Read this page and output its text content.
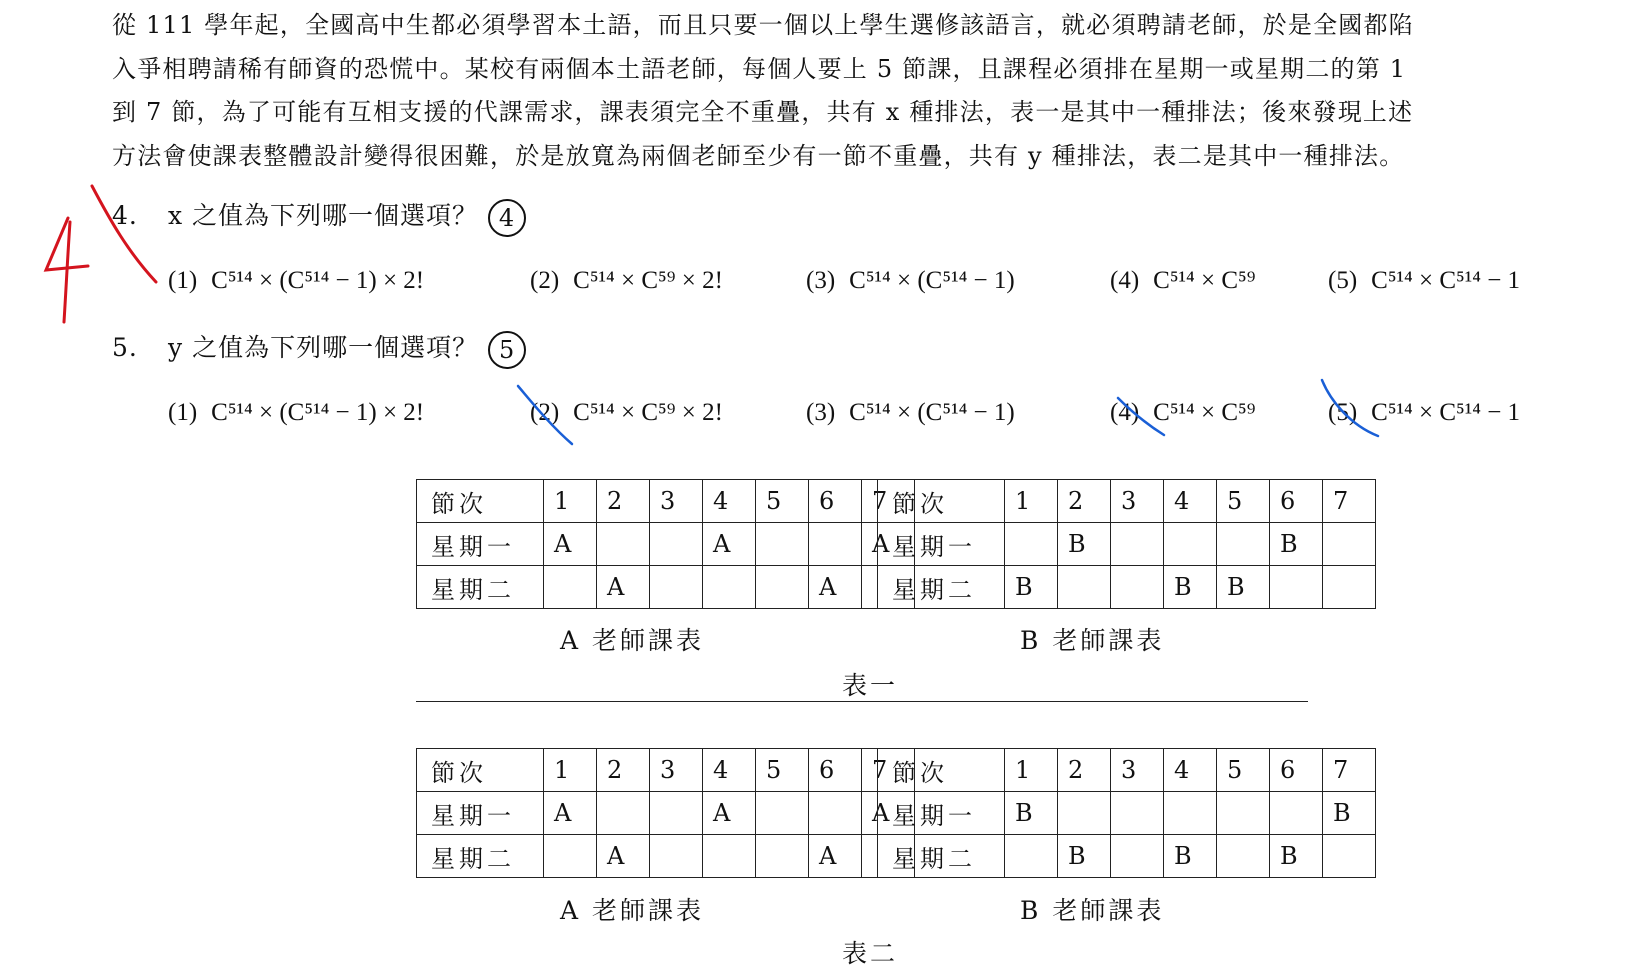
從 111 學年起，全國高中生都必須學習本土語，而且只要一個以上學生選修該語言，就必須聘請老師，於是全國都陷
入爭相聘請稀有師資的恐慌中。某校有兩個本土語老師，每個人要上 5 節課，且課程必須排在星期一或星期二的第 1
到 7 節，為了可能有互相支援的代課需求，課表須完全不重疊，共有 x 種排法，表一是其中一種排法；後來發現上述
方法會使課表整體設計變得很困難，於是放寬為兩個老師至少有一節不重疊，共有 y 種排法，表二是其中一種排法。
4. x 之值為下列哪一個選項？ 4
(1) C⁵¹⁴ × (C⁵¹⁴ − 1) × 2!	(2) C⁵¹⁴ × C⁵⁹ × 2!	(3) C⁵¹⁴ × (C⁵¹⁴ − 1)	(4) C⁵¹⁴ × C⁵⁹	(5) C⁵¹⁴ × C⁵¹⁴ − 1
5. y 之值為下列哪一個選項？ 5
(1) C⁵¹⁴ × (C⁵¹⁴ − 1) × 2!	(2) C⁵¹⁴ × C⁵⁹ × 2!	(3) C⁵¹⁴ × (C⁵¹⁴ − 1)	(4) C⁵¹⁴ × C⁵⁹	(5) C⁵¹⁴ × C⁵¹⁴ − 1
節次	1	2	3	4	5	6	7
星期一	A			A			A
星期二		A				A	
節次	1	2	3	4	5	6	7
星期一		B				B	
星期二	B			B	B		
A 老師課表	B 老師課表
表一
節次	1	2	3	4	5	6	7
星期一	A			A			A
星期二		A				A	
節次	1	2	3	4	5	6	7
星期一	B						B
星期二		B		B		B	
A 老師課表	B 老師課表
表二
